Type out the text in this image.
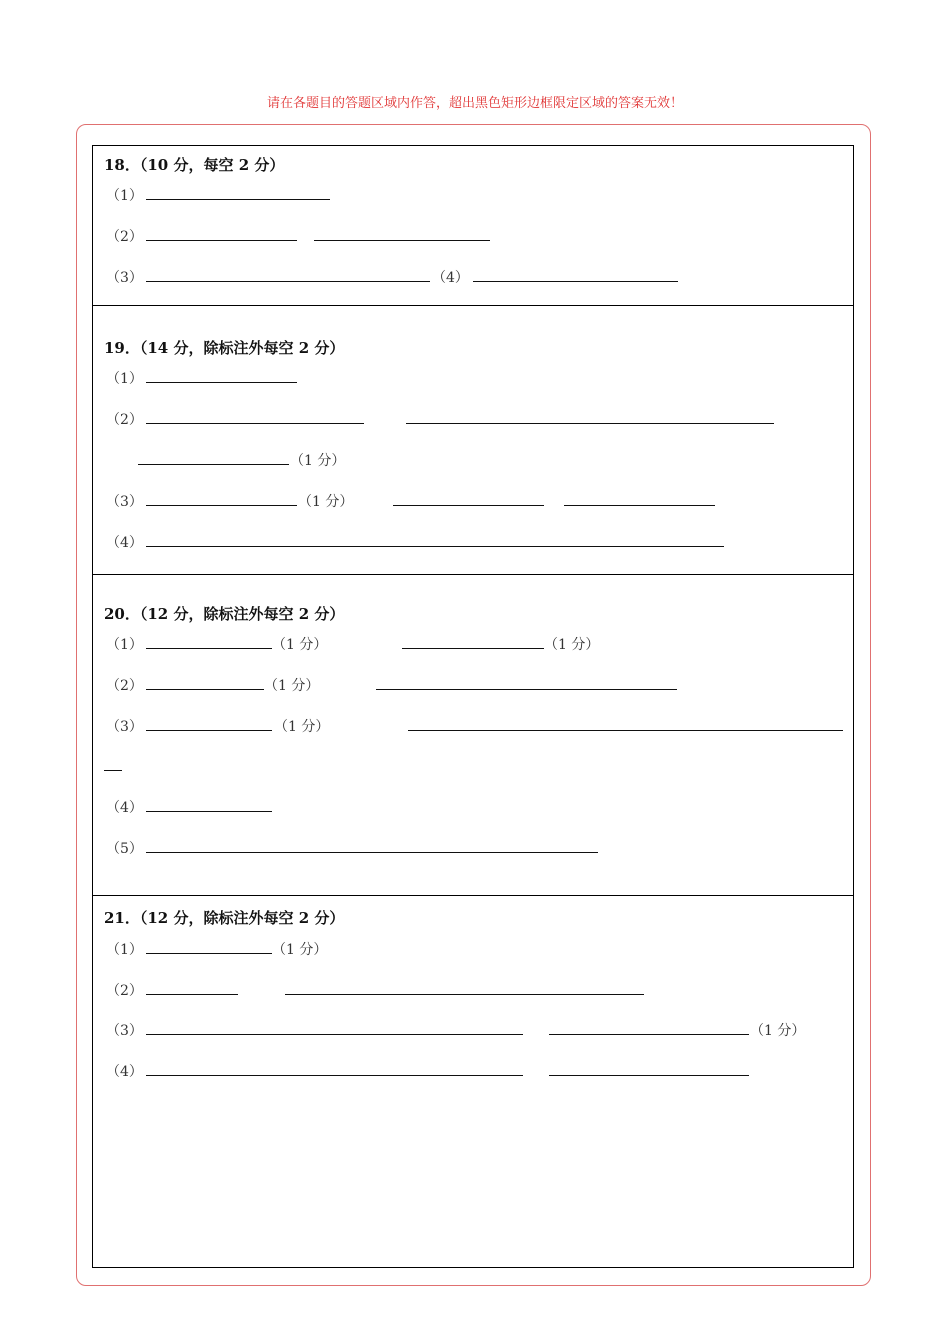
请在各题目的答题区域内作答，超出黑色矩形边框限定区域的答案无效！
18．（10 分，每空 2 分）
（1）
（2）
（3）	（4）
19．（14 分，除标注外每空 2 分）
（1）
（2）
（1 分）
（3）	（1 分）
（4）
20．（12 分，除标注外每空 2 分）
（1）	（1 分）	（1 分）
（2）	（1 分）
（3）	（1 分）
（4）
（5）
21．（12 分，除标注外每空 2 分）
（1）	（1 分）
（2）
（3）	（1 分）
（4）
